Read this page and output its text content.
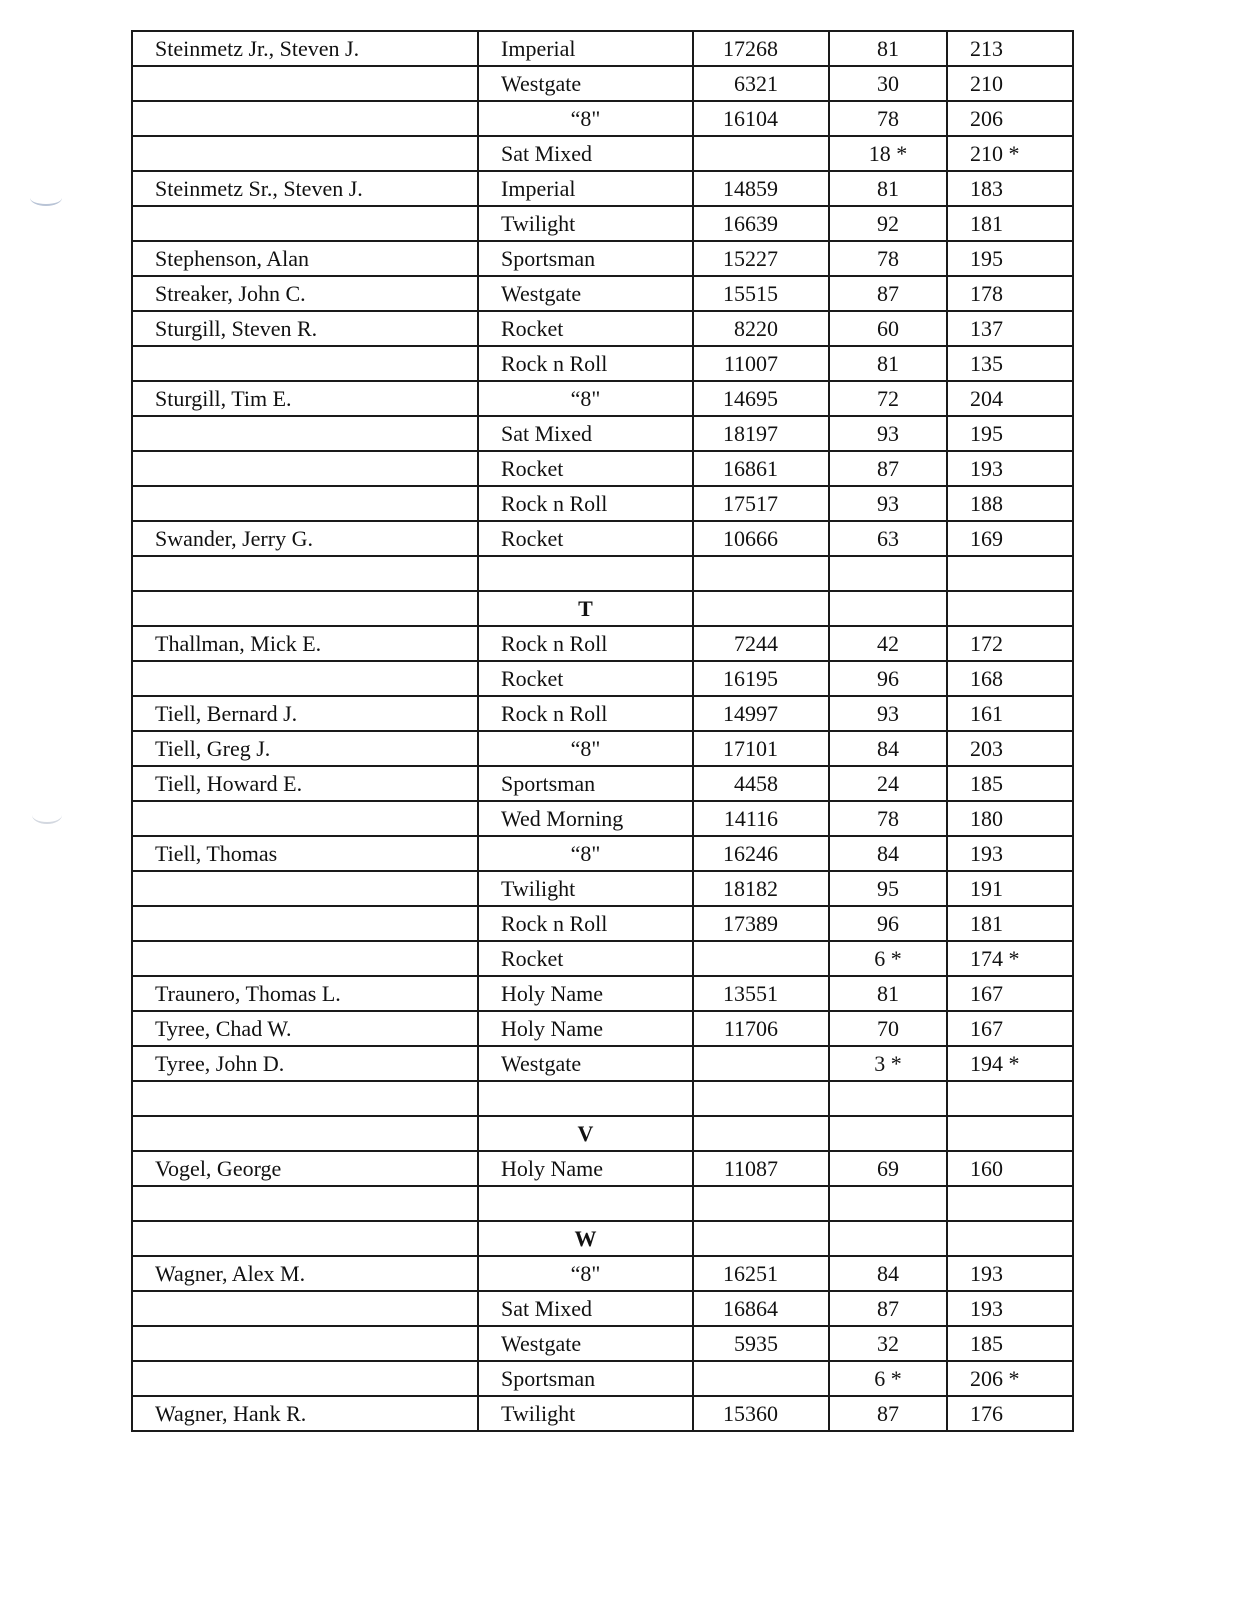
Steinmetz Jr., Steven J.	Imperial	17268	81	213
	Westgate	6321	30	210
	“8"	16104	78	206
	Sat Mixed		18 *	210 *
Steinmetz Sr., Steven J.	Imperial	14859	81	183
	Twilight	16639	92	181
Stephenson, Alan	Sportsman	15227	78	195
Streaker, John C.	Westgate	15515	87	178
Sturgill, Steven R.	Rocket	8220	60	137
	Rock n Roll	11007	81	135
Sturgill, Tim E.	“8"	14695	72	204
	Sat Mixed	18197	93	195
	Rocket	16861	87	193
	Rock n Roll	17517	93	188
Swander, Jerry G.	Rocket	10666	63	169

	T			
Thallman, Mick E.	Rock n Roll	7244	42	172
	Rocket	16195	96	168
Tiell, Bernard J.	Rock n Roll	14997	93	161
Tiell, Greg J.	“8"	17101	84	203
Tiell, Howard E.	Sportsman	4458	24	185
	Wed Morning	14116	78	180
Tiell, Thomas	“8"	16246	84	193
	Twilight	18182	95	191
	Rock n Roll	17389	96	181
	Rocket		6 *	174 *
Traunero, Thomas L.	Holy Name	13551	81	167
Tyree, Chad W.	Holy Name	11706	70	167
Tyree, John D.	Westgate		3 *	194 *

	V			
Vogel, George	Holy Name	11087	69	160

	W			
Wagner, Alex M.	“8"	16251	84	193
	Sat Mixed	16864	87	193
	Westgate	5935	32	185
	Sportsman		6 *	206 *
Wagner, Hank R.	Twilight	15360	87	176
